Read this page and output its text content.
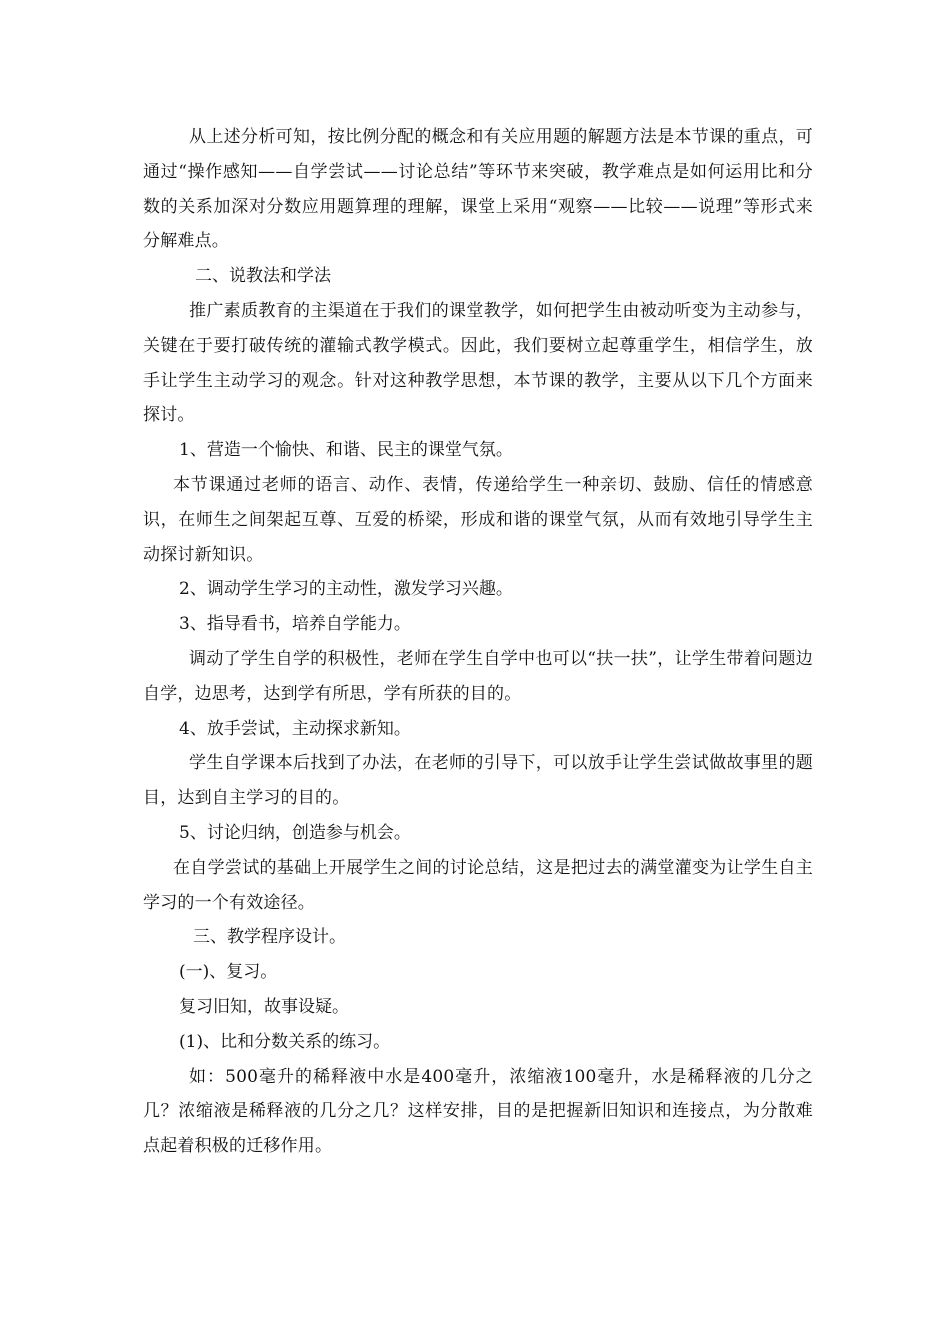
从上述分析可知，按比例分配的概念和有关应用题的解题方法是本节课的重点，可通过“操作感知——自学尝试——讨论总结”等环节来突破，教学难点是如何运用比和分数的关系加深对分数应用题算理的理解，课堂上采用“观察——比较——说理”等形式来分解难点。

二、说教法和学法

推广素质教育的主渠道在于我们的课堂教学，如何把学生由被动听变为主动参与，关键在于要打破传统的灌输式教学模式。因此，我们要树立起尊重学生，相信学生，放手让学生主动学习的观念。针对这种教学思想，本节课的教学，主要从以下几个方面来探讨。

1、营造一个愉快、和谐、民主的课堂气氛。

本节课通过老师的语言、动作、表情，传递给学生一种亲切、鼓励、信任的情感意识，在师生之间架起互尊、互爱的桥梁，形成和谐的课堂气氛，从而有效地引导学生主动探讨新知识。

2、调动学生学习的主动性，激发学习兴趣。

3、指导看书，培养自学能力。

调动了学生自学的积极性，老师在学生自学中也可以“扶一扶”，让学生带着问题边自学，边思考，达到学有所思，学有所获的目的。

4、放手尝试，主动探求新知。

学生自学课本后找到了办法，在老师的引导下，可以放手让学生尝试做故事里的题目，达到自主学习的目的。

5、讨论归纳，创造参与机会。

在自学尝试的基础上开展学生之间的讨论总结，这是把过去的满堂灌变为让学生自主学习的一个有效途径。

三、教学程序设计。

(一)、复习。

复习旧知，故事设疑。

(1)、比和分数关系的练习。

如：500毫升的稀释液中水是400毫升，浓缩液100毫升，水是稀释液的几分之几？浓缩液是稀释液的几分之几？这样安排，目的是把握新旧知识和连接点，为分散难点起着积极的迁移作用。
